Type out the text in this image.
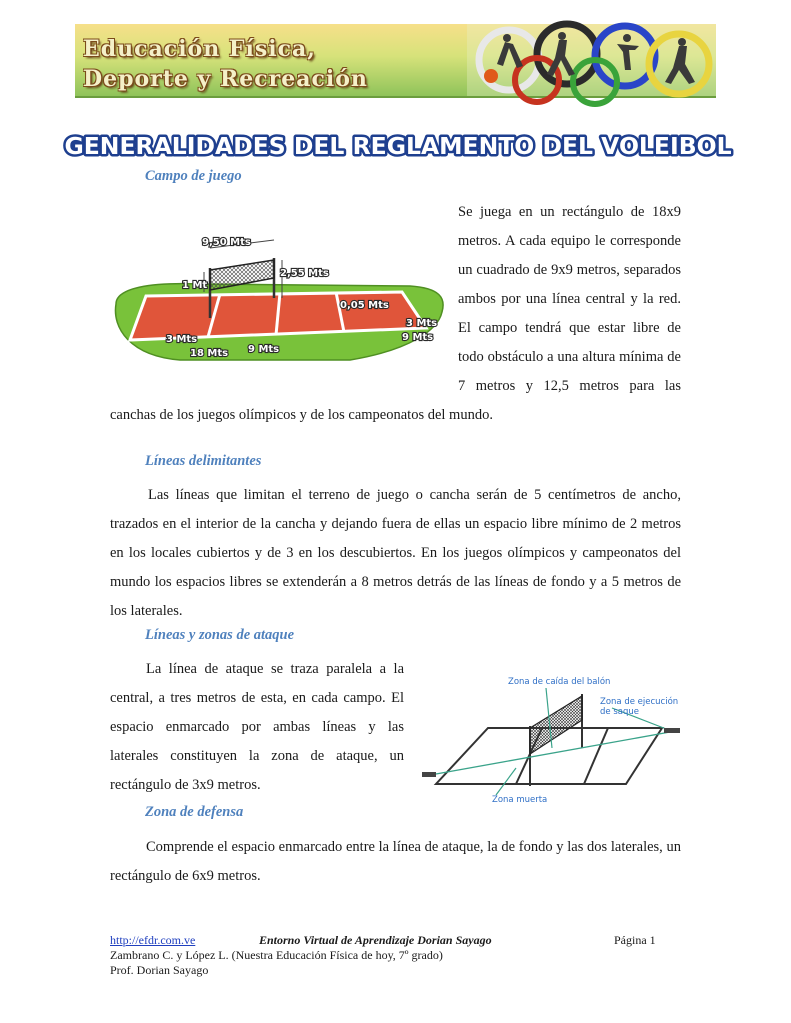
Educación Física,
Deporte y Recreación
GENERALIDADES DEL REGLAMENTO DEL VOLEIBOL
Campo de juego
9,50 Mts
2,55 Mts
1 Mt
0,05 Mts
3 Mts
9 Mts
3 Mts
18 Mts 9 Mts

Se juega en un rectángulo de 18x9 metros. A cada equipo le corresponde un cuadrado de 9x9 metros, separados ambos por una línea central y la red. El campo tendrá que estar libre de todo obstáculo a una altura mínima de 7 metros y 12,5 metros para las canchas de los juegos olímpicos y de los campeonatos del mundo.

Líneas delimitantes

Las líneas que limitan el terreno de juego o cancha serán de 5 centímetros de ancho, trazados en el interior de la cancha y dejando fuera de ellas un espacio libre mínimo de 2 metros en los locales cubiertos y de 3 en los descubiertos. En los juegos olímpicos y campeonatos del mundo los espacios libres se extenderán a 8 metros detrás de las líneas de fondo y a 5 metros de los laterales.

Líneas y zonas de ataque

La línea de ataque se traza paralela a la central, a tres metros de esta, en cada campo. El espacio enmarcado por ambas líneas y las laterales constituyen la zona de ataque, un rectángulo de 3x9 metros.

Zona de caída del balón
Zona de ejecución
de saque
Zona muerta
Zona de defensa

Comprende el espacio enmarcado entre la línea de ataque, la de fondo y las dos laterales, un rectángulo de 6x9 metros.

http://efdr.com.ve	Entorno Virtual de Aprendizaje Dorian Sayago	Página 1
Zambrano C. y López L. (Nuestra Educación Física de hoy, 7º grado)
Prof. Dorian Sayago
